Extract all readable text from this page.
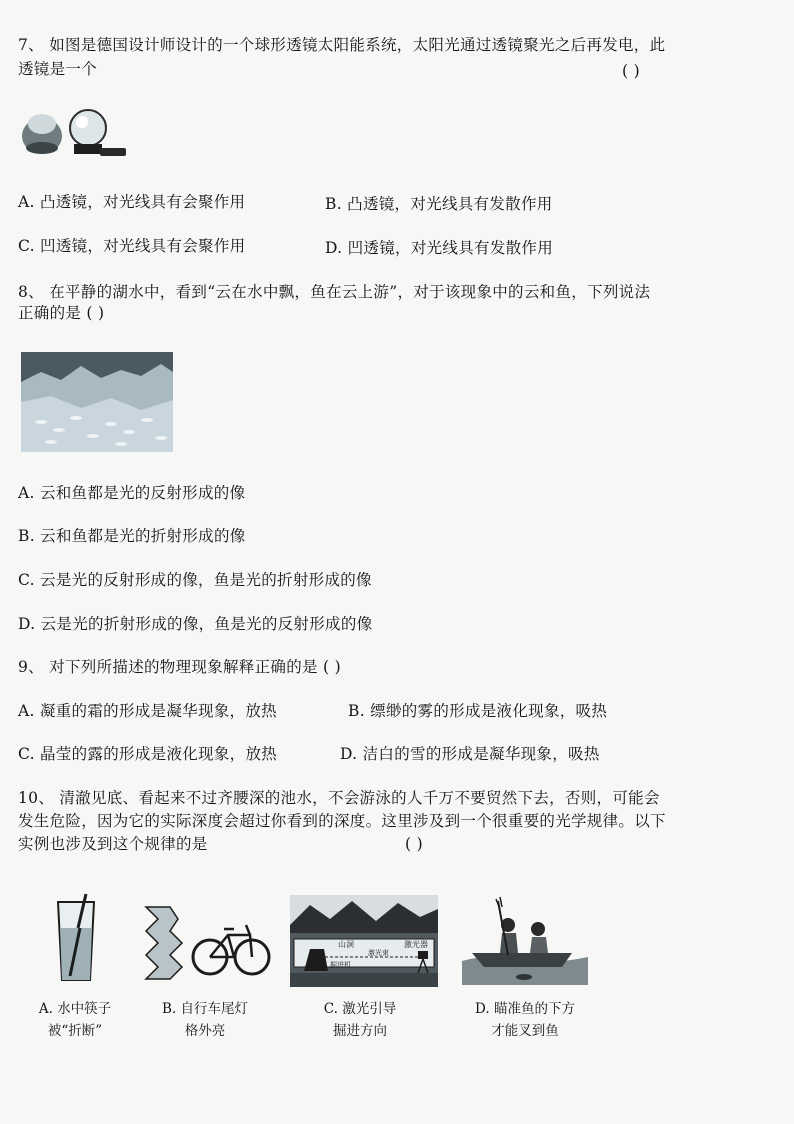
7、 如图是德国设计师设计的一个球形透镜太阳能系统，太阳光通过透镜聚光之后再发电，此
透镜是一个	( )
A. 凸透镜，对光线具有会聚作用	B. 凸透镜，对光线具有发散作用
C. 凹透镜，对光线具有会聚作用	D. 凹透镜，对光线具有发散作用
8、 在平静的湖水中，看到“云在水中飘，鱼在云上游”，对于该现象中的云和鱼，下列说法
正确的是 ( )
A. 云和鱼都是光的反射形成的像
B. 云和鱼都是光的折射形成的像
C. 云是光的反射形成的像，鱼是光的折射形成的像
D. 云是光的折射形成的像，鱼是光的反射形成的像
9、 对下列所描述的物理现象解释正确的是 ( )
A. 凝重的霜的形成是凝华现象，放热	B. 缥缈的雾的形成是液化现象，吸热
C. 晶莹的露的形成是液化现象，放热	D. 洁白的雪的形成是凝华现象，吸热
10、 清澈见底、看起来不过齐腰深的池水，不会游泳的人千万不要贸然下去，否则，可能会
发生危险，因为它的实际深度会超过你看到的深度。这里涉及到一个很重要的光学规律。以下
实例也涉及到这个规律的是	( )
A. 水中筷子
被“折断”
B. 自行车尾灯
格外亮
山洞	激光器
激光束
掘进机
C. 激光引导
掘进方向
D. 瞄准鱼的下方
才能叉到鱼
